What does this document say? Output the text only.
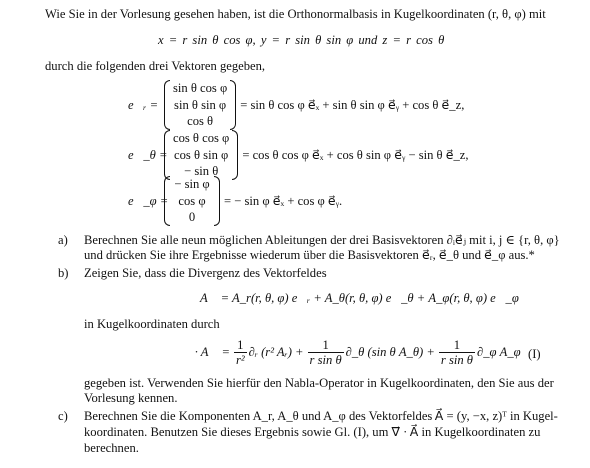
Wie Sie in der Vorlesung gesehen haben, ist die Orthonormalbasis in Kugelkoordinaten (r, θ, φ) mit
x = r sin θ cos φ, y = r sin θ sin φ und z = r cos θ
durch die folgenden drei Vektoren gegeben,
e⃗ᵣ =
sin θ cos φ
sin θ sin φ
cos θ
= sin θ cos φ e⃗ₓ + sin θ sin φ e⃗ᵧ + cos θ e⃗_z,
e⃗_θ =
cos θ cos φ
cos θ sin φ
− sin θ
= cos θ cos φ e⃗ₓ + cos θ sin φ e⃗ᵧ − sin θ e⃗_z,
e⃗_φ =
− sin φ
cos φ
0
= − sin φ e⃗ₓ + cos φ e⃗ᵧ.
a) Berechnen Sie alle neun möglichen Ableitungen der drei Basisvektoren ∂ᵢe⃗ⱼ mit i, j ∈ {r, θ, φ}
und drücken Sie ihre Ergebnisse wiederum über die Basisvektoren e⃗ᵣ, e⃗_θ und e⃗_φ aus.*
b) Zeigen Sie, dass die Divergenz des Vektorfeldes
A⃗ = A_r(r, θ, φ) e⃗ᵣ + A_θ(r, θ, φ) e⃗_θ + A_φ(r, θ, φ) e⃗_φ
in Kugelkoordinaten durch
∇⃗ · A⃗ = $\frac{1}{\text{r²}}$ ∂ᵣ (r² Aᵣ) + $\frac{1}{\text{r sin θ}}$ ∂_θ (sin θ A_θ) + $\frac{1}{\text{r sin θ}}$ ∂_φ A_φ (I)
gegeben ist. Verwenden Sie hierfür den Nabla-Operator in Kugelkoordinaten, den Sie aus der
Vorlesung kennen.
c) Berechnen Sie die Komponenten A_r, A_θ und A_φ des Vektorfeldes A⃗ = (y, −x, z)ᵀ in Kugel-
koordinaten. Benutzen Sie dieses Ergebnis sowie Gl. (I), um ∇⃗ · A⃗ in Kugelkoordinaten zu
berechnen.
